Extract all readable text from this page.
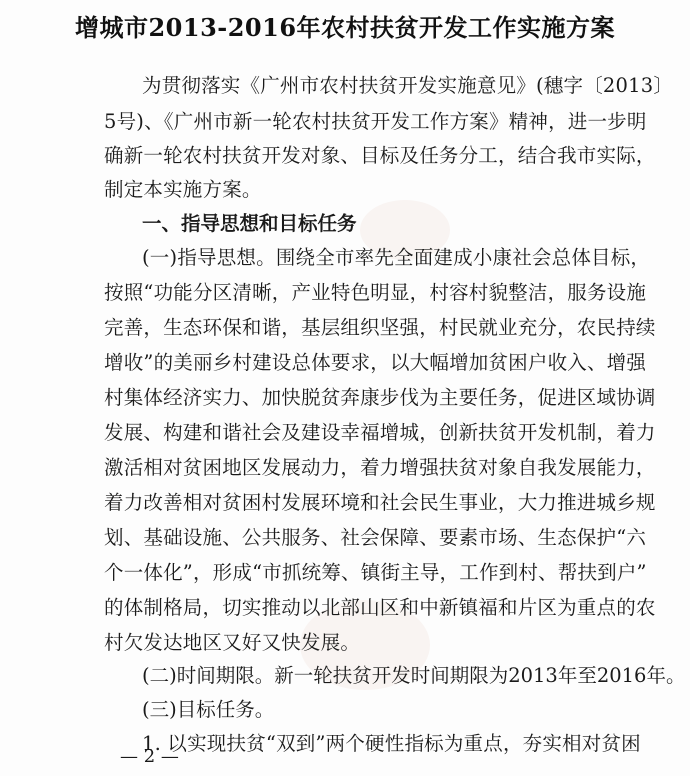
增城市2013-2016年农村扶贫开发工作实施方案
为贯彻落实《广州市农村扶贫开发实施意见》(穗字〔2013〕
5号)、《广州市新一轮农村扶贫开发工作方案》精神，进一步明
确新一轮农村扶贫开发对象、目标及任务分工，结合我市实际，
制定本实施方案。
一、指导思想和目标任务
(一)指导思想。围绕全市率先全面建成小康社会总体目标，
按照“功能分区清晰，产业特色明显，村容村貌整洁，服务设施
完善，生态环保和谐，基层组织坚强，村民就业充分，农民持续
增收”的美丽乡村建设总体要求，以大幅增加贫困户收入、增强
村集体经济实力、加快脱贫奔康步伐为主要任务，促进区域协调
发展、构建和谐社会及建设幸福增城，创新扶贫开发机制，着力
激活相对贫困地区发展动力，着力增强扶贫对象自我发展能力，
着力改善相对贫困村发展环境和社会民生事业，大力推进城乡规
划、基础设施、公共服务、社会保障、要素市场、生态保护“六
个一体化”，形成“市抓统筹、镇街主导，工作到村、帮扶到户”
的体制格局，切实推动以北部山区和中新镇福和片区为重点的农
村欠发达地区又好又快发展。
(二)时间期限。新一轮扶贫开发时间期限为2013年至2016年。
(三)目标任务。
1. 以实现扶贫“双到”两个硬性指标为重点，夯实相对贫困
— 2 —
